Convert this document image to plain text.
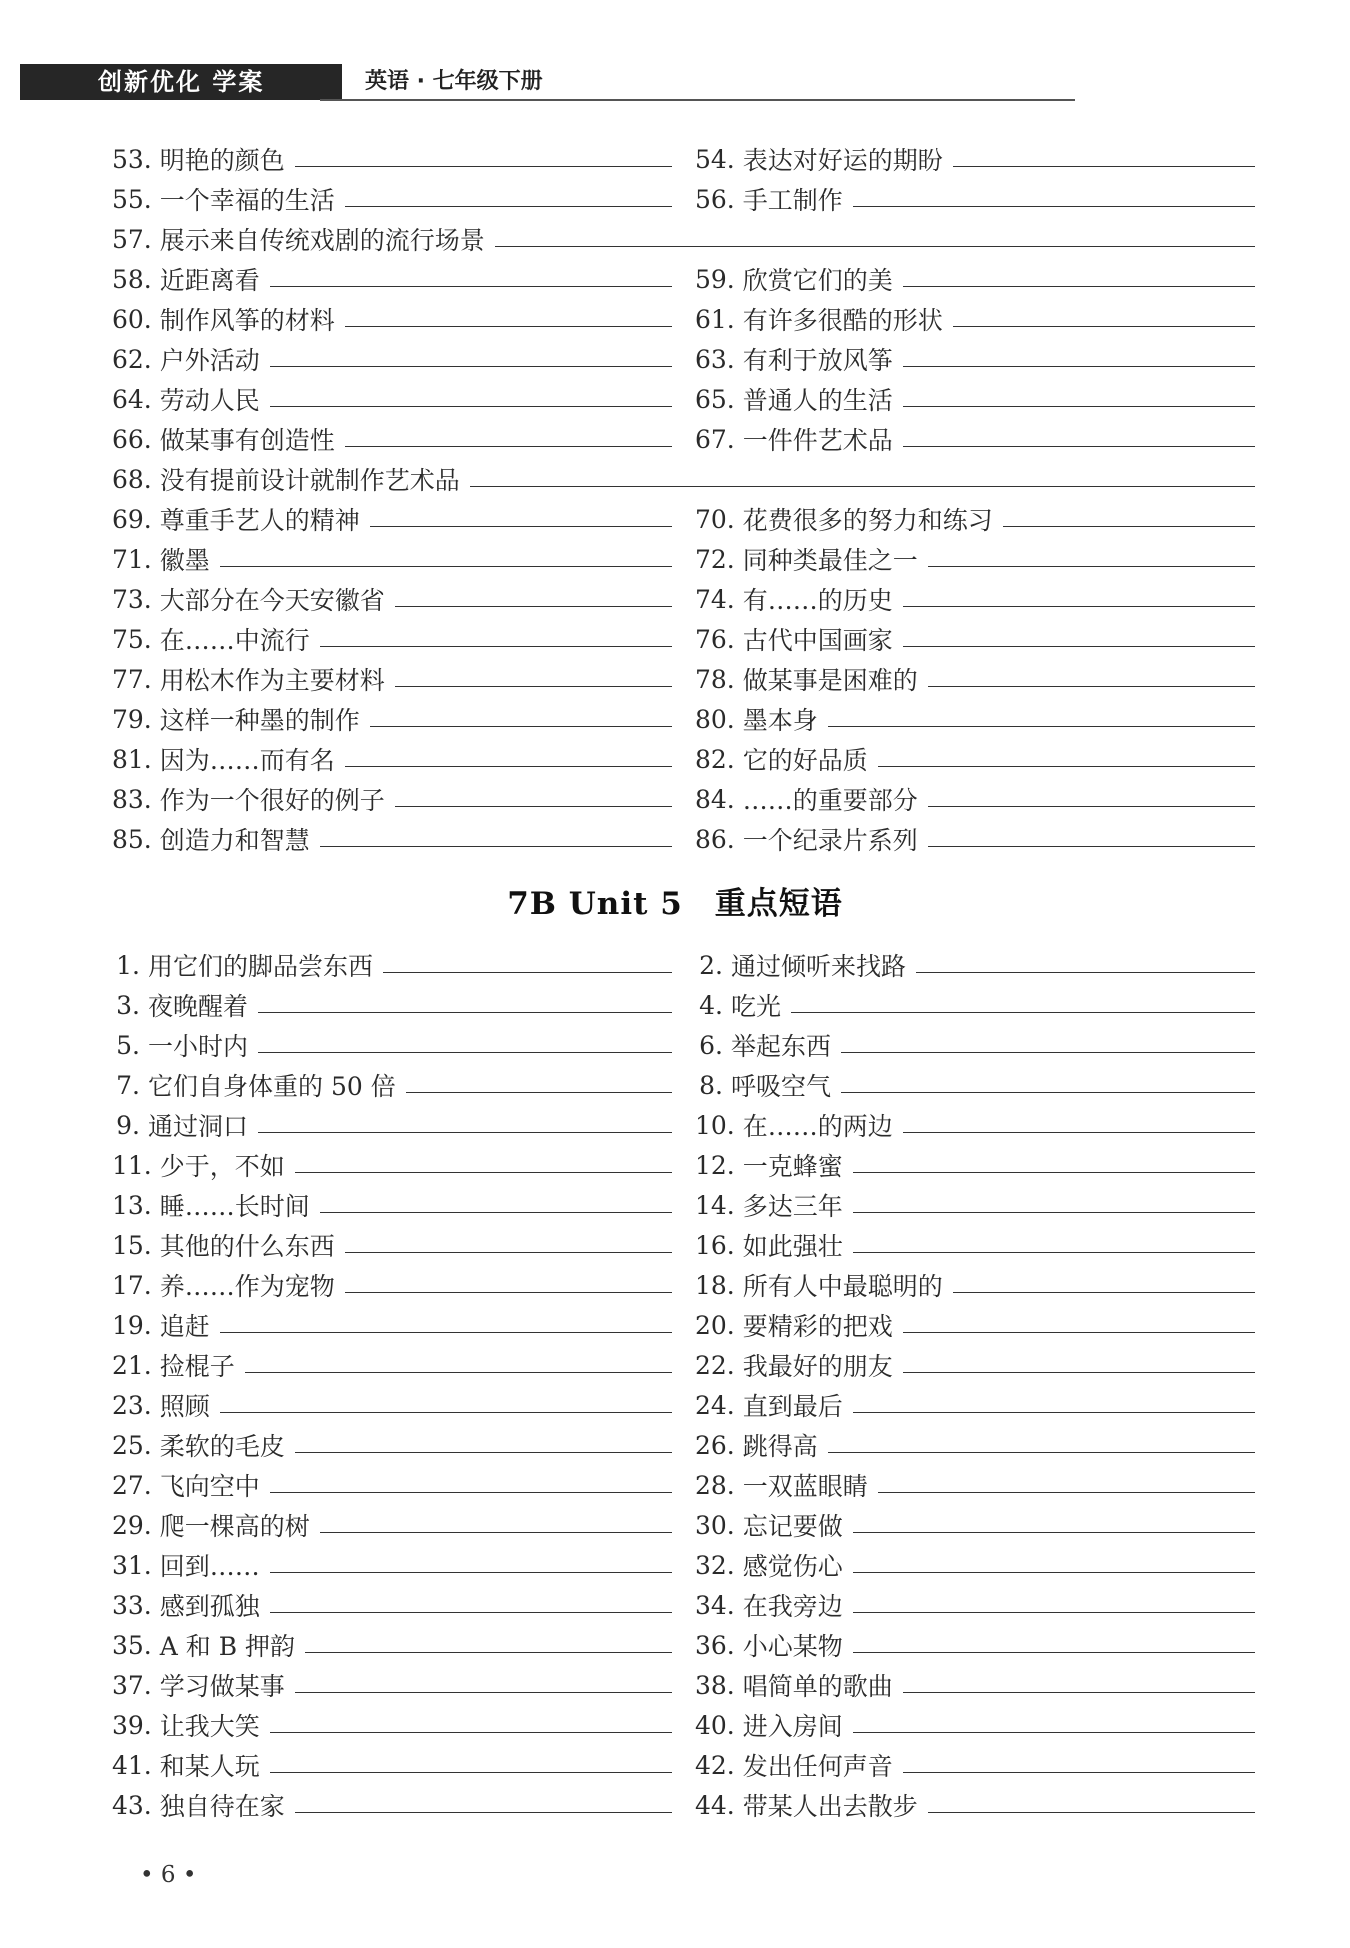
创新优化 学案	英语 · 七年级下册
53. 明艳的颜色	54. 表达对好运的期盼
55. 一个幸福的生活	56. 手工制作
57. 展示来自传统戏剧的流行场景
58. 近距离看	59. 欣赏它们的美
60. 制作风筝的材料	61. 有许多很酷的形状
62. 户外活动	63. 有利于放风筝
64. 劳动人民	65. 普通人的生活
66. 做某事有创造性	67. 一件件艺术品
68. 没有提前设计就制作艺术品
69. 尊重手艺人的精神	70. 花费很多的努力和练习
71. 徽墨	72. 同种类最佳之一
73. 大部分在今天安徽省	74. 有……的历史
75. 在……中流行	76. 古代中国画家
77. 用松木作为主要材料	78. 做某事是困难的
79. 这样一种墨的制作	80. 墨本身
81. 因为……而有名	82. 它的好品质
83. 作为一个很好的例子	84. ……的重要部分
85. 创造力和智慧	86. 一个纪录片系列
7B Unit 5　重点短语
1. 用它们的脚品尝东西	2. 通过倾听来找路
3. 夜晚醒着	4. 吃光
5. 一小时内	6. 举起东西
7. 它们自身体重的 50 倍	8. 呼吸空气
9. 通过洞口	10. 在……的两边
11. 少于，不如	12. 一克蜂蜜
13. 睡……长时间	14. 多达三年
15. 其他的什么东西	16. 如此强壮
17. 养……作为宠物	18. 所有人中最聪明的
19. 追赶	20. 要精彩的把戏
21. 捡棍子	22. 我最好的朋友
23. 照顾	24. 直到最后
25. 柔软的毛皮	26. 跳得高
27. 飞向空中	28. 一双蓝眼睛
29. 爬一棵高的树	30. 忘记要做
31. 回到……	32. 感觉伤心
33. 感到孤独	34. 在我旁边
35. A 和 B 押韵	36. 小心某物
37. 学习做某事	38. 唱简单的歌曲
39. 让我大笑	40. 进入房间
41. 和某人玩	42. 发出任何声音
43. 独自待在家	44. 带某人出去散步
• 6 •
